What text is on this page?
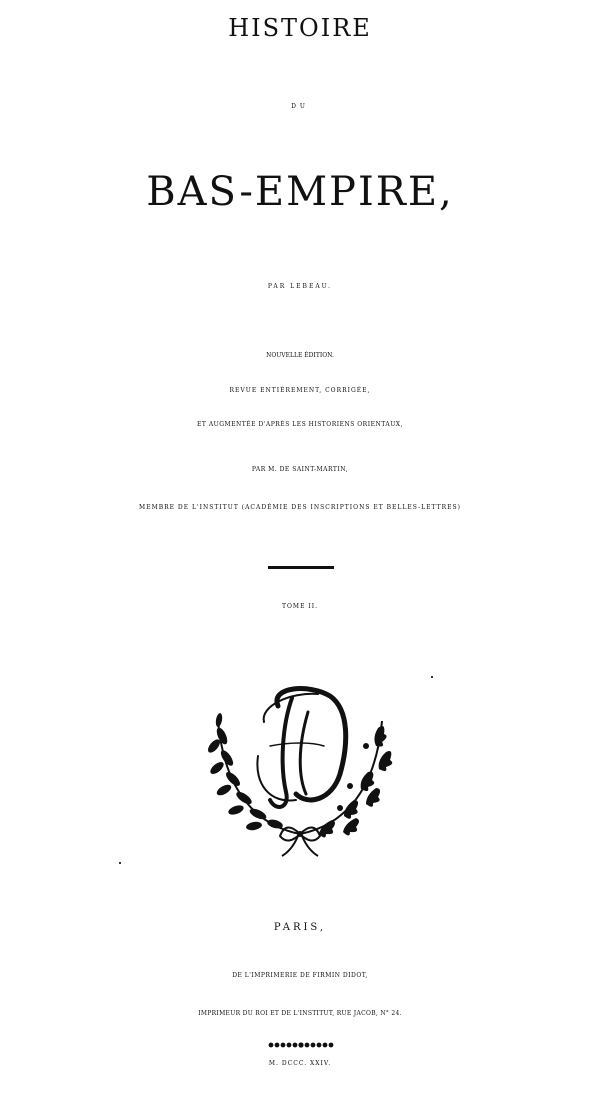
HISTOIRE
DU
BAS-EMPIRE,
PAR LEBEAU.
NOUVELLE ÉDITION.
REVUE ENTIÈREMENT, CORRIGÉE,
ET AUGMENTÉE D'APRÈS LES HISTORIENS ORIENTAUX,
PAR M. DE SAINT-MARTIN,
MEMBRE DE L'INSTITUT (ACADÉMIE DES INSCRIPTIONS ET BELLES-LETTRES)
TOME II.
PARIS,
DE L'IMPRIMERIE DE FIRMIN DIDOT,
IMPRIMEUR DU ROI ET DE L'INSTITUT, RUE JACOB, N° 24.
M. DCCC. XXIV.
